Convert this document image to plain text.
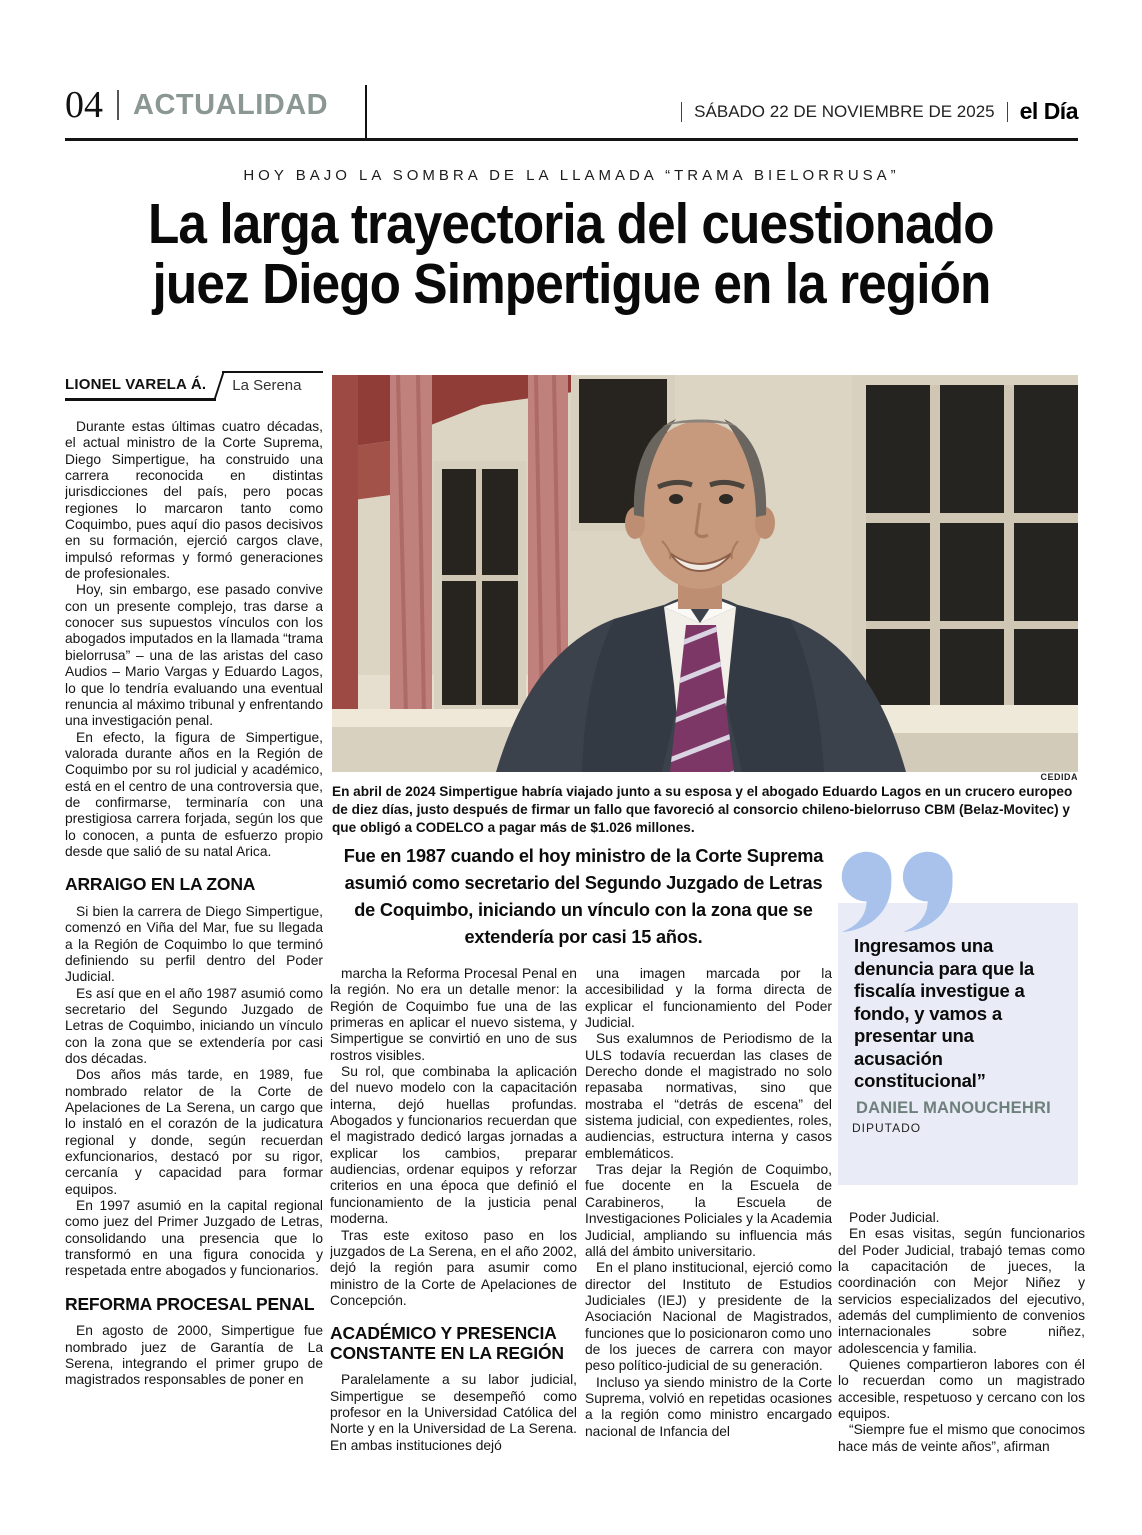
04 ACTUALIDAD	SÁBADO 22 DE NOVIEMBRE DE 2025 el Día
HOY BAJO LA SOMBRA DE LA LLAMADA “TRAMA BIELORRUSA”
La larga trayectoria del cuestionado
juez Diego Simpertigue en la región
LIONEL VARELA Á.	La Serena

Durante estas últimas cuatro décadas, el actual ministro de la Corte Suprema, Diego Simpertigue, ha construido una carrera reconocida en distintas jurisdicciones del país, pero pocas regiones lo marcaron tanto como Coquimbo, pues aquí dio pasos decisivos en su formación, ejerció cargos clave, impulsó reformas y formó generaciones de profesionales.

Hoy, sin embargo, ese pasado convive con un presente complejo, tras darse a conocer sus supuestos vínculos con los abogados imputados en la llamada “trama bielorrusa” – una de las aristas del caso Audios – Mario Vargas y Eduardo Lagos, lo que lo tendría evaluando una eventual renuncia al máximo tribunal y enfrentando una investigación penal.

En efecto, la figura de Simpertigue, valorada durante años en la Región de Coquimbo por su rol judicial y académico, está en el centro de una controversia que, de confirmarse, terminaría con una prestigiosa carrera forjada, según los que lo conocen, a punta de esfuerzo propio desde que salió de su natal Arica.

ARRAIGO EN LA ZONA

Si bien la carrera de Diego Simpertigue, comenzó en Viña del Mar, fue su llegada a la Región de Coquimbo lo que terminó definiendo su perfil dentro del Poder Judicial.

Es así que en el año 1987 asumió como secretario del Segundo Juzgado de Letras de Coquimbo, iniciando un vínculo con la zona que se extendería por casi dos décadas.

Dos años más tarde, en 1989, fue nombrado relator de la Corte de Apelaciones de La Serena, un cargo que lo instaló en el corazón de la judicatura regional y donde, según recuerdan exfuncionarios, destacó por su rigor, cercanía y capacidad para formar equipos.

En 1997 asumió en la capital regional como juez del Primer Juzgado de Letras, consolidando una presencia que lo transformó en una figura conocida y respetada entre abogados y funcionarios.

REFORMA PROCESAL PENAL

En agosto de 2000, Simpertigue fue nombrado juez de Garantía de La Serena, integrando el primer grupo de magistrados responsables de poner en

CEDIDA
En abril de 2024 Simpertigue habría viajado junto a su esposa y el abogado Eduardo Lagos en un crucero europeo de diez días, justo después de firmar un fallo que favoreció al consorcio chileno-bielorruso CBM (Belaz-Movitec) y que obligó a CODELCO a pagar más de $1.026 millones.
Fue en 1987 cuando el hoy ministro de la Corte Suprema asumió como secretario del Segundo Juzgado de Letras de Coquimbo, iniciando un vínculo con la zona que se extendería por casi 15 años.	Ingresamos una denuncia para que la fiscalía investigue a fondo, y vamos a presentar una acusación constitucional”
DANIEL MANOUCHEHRI
DIPUTADO

marcha la Reforma Procesal Penal en la región. No era un detalle menor: la Región de Coquimbo fue una de las primeras en aplicar el nuevo sistema, y Simpertigue se convirtió en uno de sus rostros visibles.

Su rol, que combinaba la aplicación del nuevo modelo con la capacitación interna, dejó huellas profundas. Abogados y funcionarios recuerdan que el magistrado dedicó largas jornadas a explicar los cambios, preparar audiencias, ordenar equipos y reforzar criterios en una época que definió el funcionamiento de la justicia penal moderna.

Tras este exitoso paso en los juzgados de La Serena, en el año 2002, dejó la región para asumir como ministro de la Corte de Apelaciones de Concepción.

ACADÉMICO Y PRESENCIA CONSTANTE EN LA REGIÓN

Paralelamente a su labor judicial, Simpertigue se desempeñó como profesor en la Universidad Católica del Norte y en la Universidad de La Serena. En ambas instituciones dejó

una imagen marcada por la accesibilidad y la forma directa de explicar el funcionamiento del Poder Judicial.

Sus exalumnos de Periodismo de la ULS todavía recuerdan las clases de Derecho donde el magistrado no solo repasaba normativas, sino que mostraba el “detrás de escena” del sistema judicial, con expedientes, roles, audiencias, estructura interna y casos emblemáticos.

Tras dejar la Región de Coquimbo, fue docente en la Escuela de Carabineros, la Escuela de Investigaciones Policiales y la Academia Judicial, ampliando su influencia más allá del ámbito universitario.

En el plano institucional, ejerció como director del Instituto de Estudios Judiciales (IEJ) y presidente de la Asociación Nacional de Magistrados, funciones que lo posicionaron como uno de los jueces de carrera con mayor peso político-judicial de su generación.

Incluso ya siendo ministro de la Corte Suprema, volvió en repetidas ocasiones a la región como ministro encargado nacional de Infancia del

Poder Judicial.

En esas visitas, según funcionarios del Poder Judicial, trabajó temas como la capacitación de jueces, la coordinación con Mejor Niñez y servicios especializados del ejecutivo, además del cumplimiento de convenios internacionales sobre niñez, adolescencia y familia.

Quienes compartieron labores con él lo recuerdan como un magistrado accesible, respetuoso y cercano con los equipos.

“Siempre fue el mismo que conocimos hace más de veinte años”, afirman
